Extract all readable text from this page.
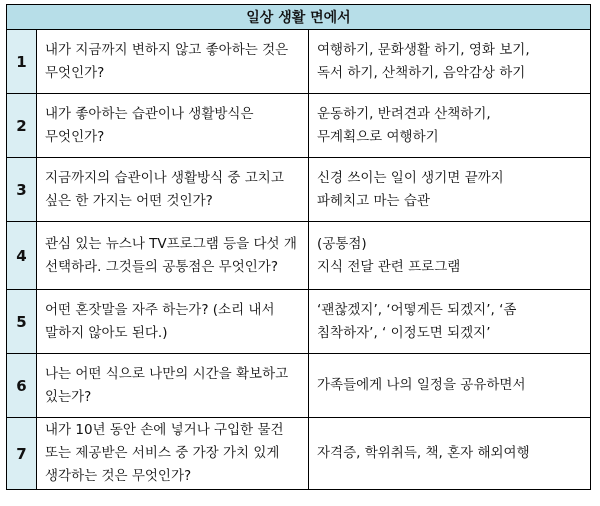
일상 생활 면에서		
1	내가 지금까지 변하지 않고 좋아하는 것은 무엇인가?	여행하기, 문화생활 하기, 영화 보기,
독서 하기, 산책하기, 음악감상 하기

2	내가 좋아하는 습관이나 생활방식은 무엇인가?	운동하기, 반려견과 산책하기,
무계획으로 여행하기

3	지금까지의 습관이나 생활방식 중 고치고 싶은 한 가지는 어떤 것인가?	신경 쓰이는 일이 생기면 끝까지
파헤치고 마는 습관

4	관심 있는 뉴스나 TV프로그램 등을 다섯 개 선택하라. 그것들의 공통점은 무엇인가?	(공통점)
지식 전달 관련 프로그램

5	어떤 혼잣말을 자주 하는가? (소리 내서 말하지 않아도 된다.)	‘괜찮겠지’, ‘어떻게든 되겠지’, ‘좀
침착하자’, ‘ 이정도면 되겠지’

6	나는 어떤 식으로 나만의 시간을 확보하고 있는가?	가족들에게 나의 일정을 공유하면서

7	내가 10년 동안 손에 넣거나 구입한 물건 또는 제공받은 서비스 중 가장 가치 있게 생각하는 것은 무엇인가?	자격증, 학위취득, 책, 혼자 해외여행
